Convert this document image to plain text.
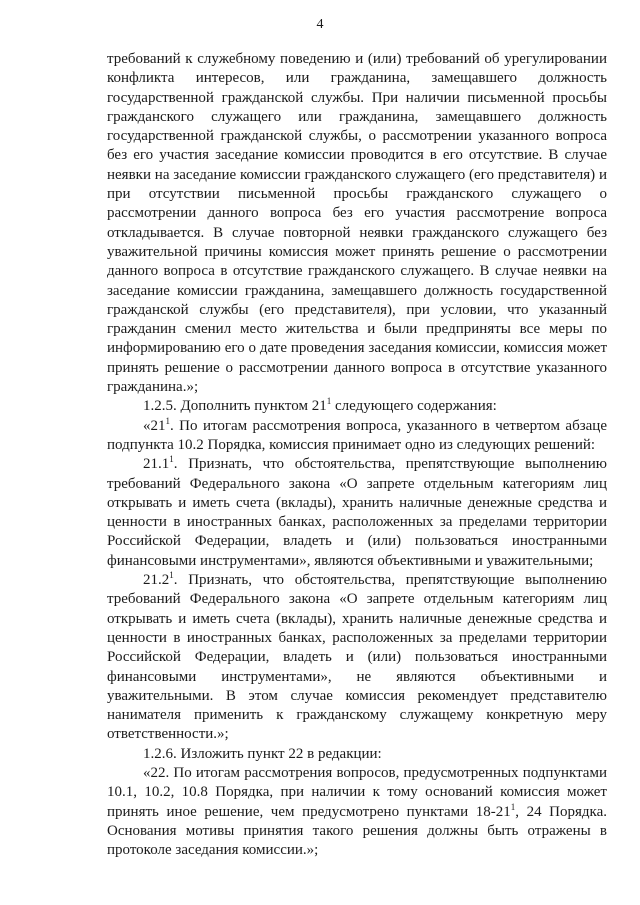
4

требований к служебному поведению и (или) требований об урегулировании конфликта интересов, или гражданина, замещавшего должность государственной гражданской службы. При наличии письменной просьбы гражданского служащего или гражданина, замещавшего должность государственной гражданской службы, о рассмотрении указанного вопроса без его участия заседание комиссии проводится в его отсутствие. В случае неявки на заседание комиссии гражданского служащего (его представителя) и при отсутствии письменной просьбы гражданского служащего о рассмотрении данного вопроса без его участия рассмотрение вопроса откладывается. В случае повторной неявки гражданского служащего без уважительной причины комиссия может принять решение о рассмотрении данного вопроса в отсутствие гражданского служащего. В случае неявки на заседание комиссии гражданина, замещавшего должность государственной гражданской службы (его представителя), при условии, что указанный гражданин сменил место жительства и были предприняты все меры по информированию его о дате проведения заседания комиссии, комиссия может принять решение о рассмотрении данного вопроса в отсутствие указанного гражданина.»;

1.2.5. Дополнить пунктом $21^1$ следующего содержания:

«$21^1$. По итогам рассмотрения вопроса, указанного в четвертом абзаце подпункта 10.2 Порядка, комиссия принимает одно из следующих решений:

21.1$^1$. Признать, что обстоятельства, препятствующие выполнению требований Федерального закона «О запрете отдельным категориям лиц открывать и иметь счета (вклады), хранить наличные денежные средства и ценности в иностранных банках, расположенных за пределами территории Российской Федерации, владеть и (или) пользоваться иностранными финансовыми инструментами», являются объективными и уважительными;

21.2$^1$. Признать, что обстоятельства, препятствующие выполнению требований Федерального закона «О запрете отдельным категориям лиц открывать и иметь счета (вклады), хранить наличные денежные средства и ценности в иностранных банках, расположенных за пределами территории Российской Федерации, владеть и (или) пользоваться иностранными финансовыми инструментами», не являются объективными и уважительными. В этом случае комиссия рекомендует представителю нанимателя применить к гражданскому служащему конкретную меру ответственности.»;

1.2.6. Изложить пункт 22 в редакции:

«22. По итогам рассмотрения вопросов, предусмотренных подпунктами 10.1, 10.2, 10.8 Порядка, при наличии к тому оснований комиссия может принять иное решение, чем предусмотрено пунктами $18-21^1$, 24 Порядка. Основания мотивы принятия такого решения должны быть отражены в протоколе заседания комиссии.»;
